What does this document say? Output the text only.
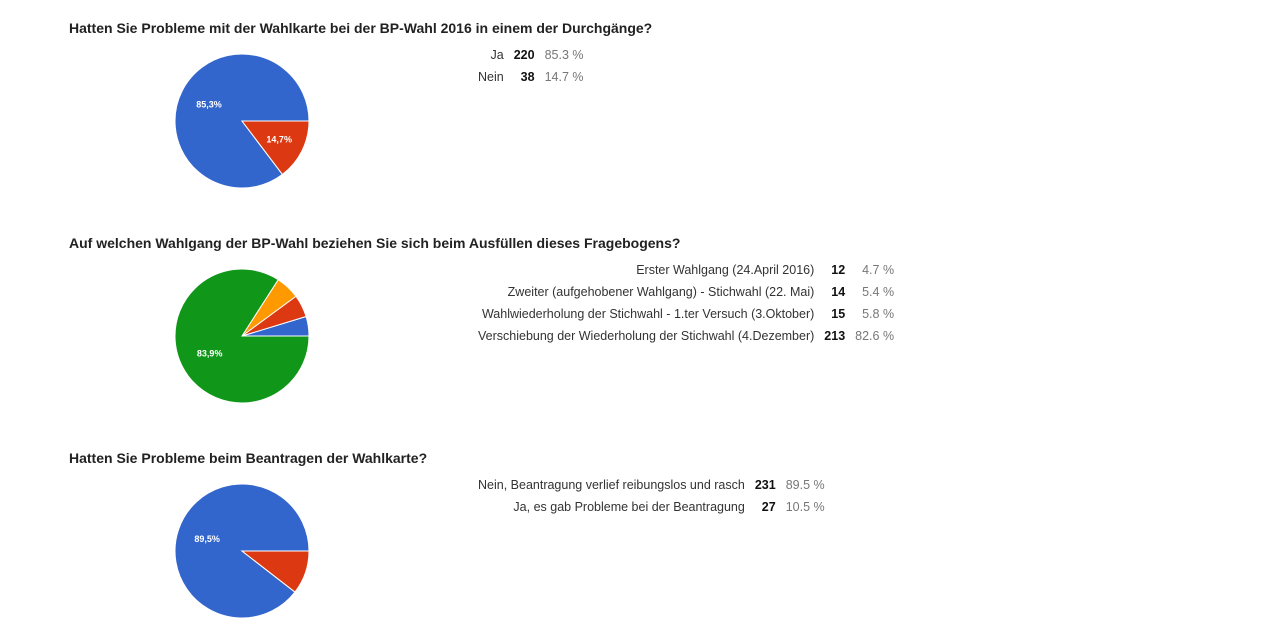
Hatten Sie Probleme mit der Wahlkarte bei der BP-Wahl 2016 in einem der Durchgänge?
85,3%
14,7%
Ja	220	85.3 %
Nein	38	14.7 %
Auf welchen Wahlgang der BP-Wahl beziehen Sie sich beim Ausfüllen dieses Fragebogens?
83,9%
Erster Wahlgang (24.April 2016)	12	4.7 %
Zweiter (aufgehobener Wahlgang) - Stichwahl (22. Mai)	14	5.4 %
Wahlwiederholung der Stichwahl - 1.ter Versuch (3.Oktober)	15	5.8 %
Verschiebung der Wiederholung der Stichwahl (4.Dezember)	213	82.6 %
Hatten Sie Probleme beim Beantragen der Wahlkarte?
89,5%
Nein, Beantragung verlief reibungslos und rasch	231	89.5 %
Ja, es gab Probleme bei der Beantragung	27	10.5 %
